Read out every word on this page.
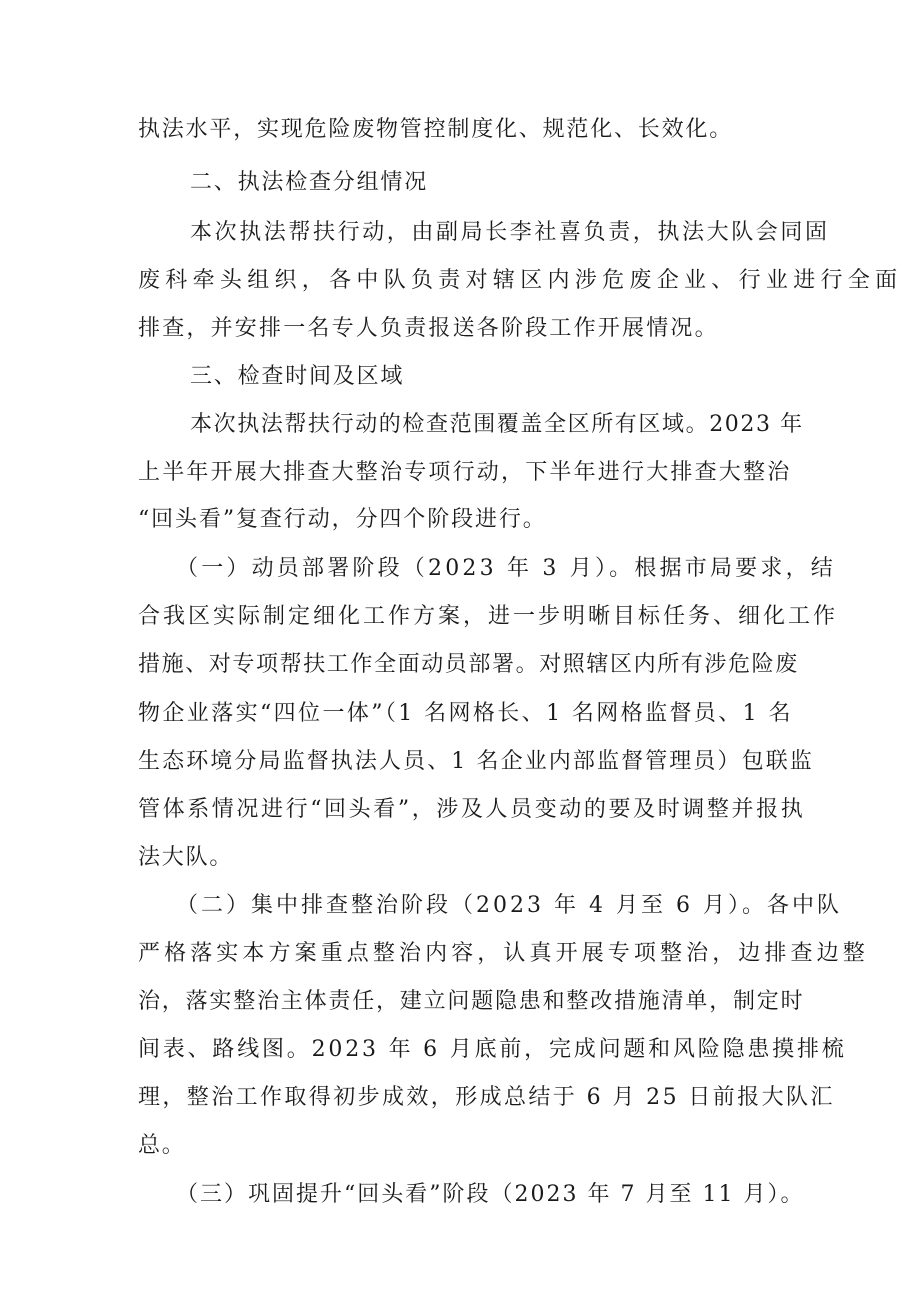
执法水平，实现危险废物管控制度化、规范化、长效化。

二、执法检查分组情况

本次执法帮扶行动，由副局长李社喜负责，执法大队会同固

废科牵头组织，各中队负责对辖区内涉危废企业、行业进行全面

排查，并安排一名专人负责报送各阶段工作开展情况。

三、检查时间及区域

本次执法帮扶行动的检查范围覆盖全区所有区域。2023 年

上半年开展大排查大整治专项行动，下半年进行大排查大整治

“回头看”复查行动，分四个阶段进行。

（一）动员部署阶段（2023 年 3 月）。根据市局要求，结

合我区实际制定细化工作方案，进一步明晰目标任务、细化工作

措施、对专项帮扶工作全面动员部署。对照辖区内所有涉危险废

物企业落实“四位一体”（1 名网格长、1 名网格监督员、1 名

生态环境分局监督执法人员、1 名企业内部监督管理员）包联监

管体系情况进行“回头看”，涉及人员变动的要及时调整并报执

法大队。

（二）集中排查整治阶段（2023 年 4 月至 6 月）。各中队

严格落实本方案重点整治内容，认真开展专项整治，边排查边整

治，落实整治主体责任，建立问题隐患和整改措施清单，制定时

间表、路线图。2023 年 6 月底前，完成问题和风险隐患摸排梳

理，整治工作取得初步成效，形成总结于 6 月 25 日前报大队汇

总。

（三）巩固提升“回头看”阶段（2023 年 7 月至 11 月）。
